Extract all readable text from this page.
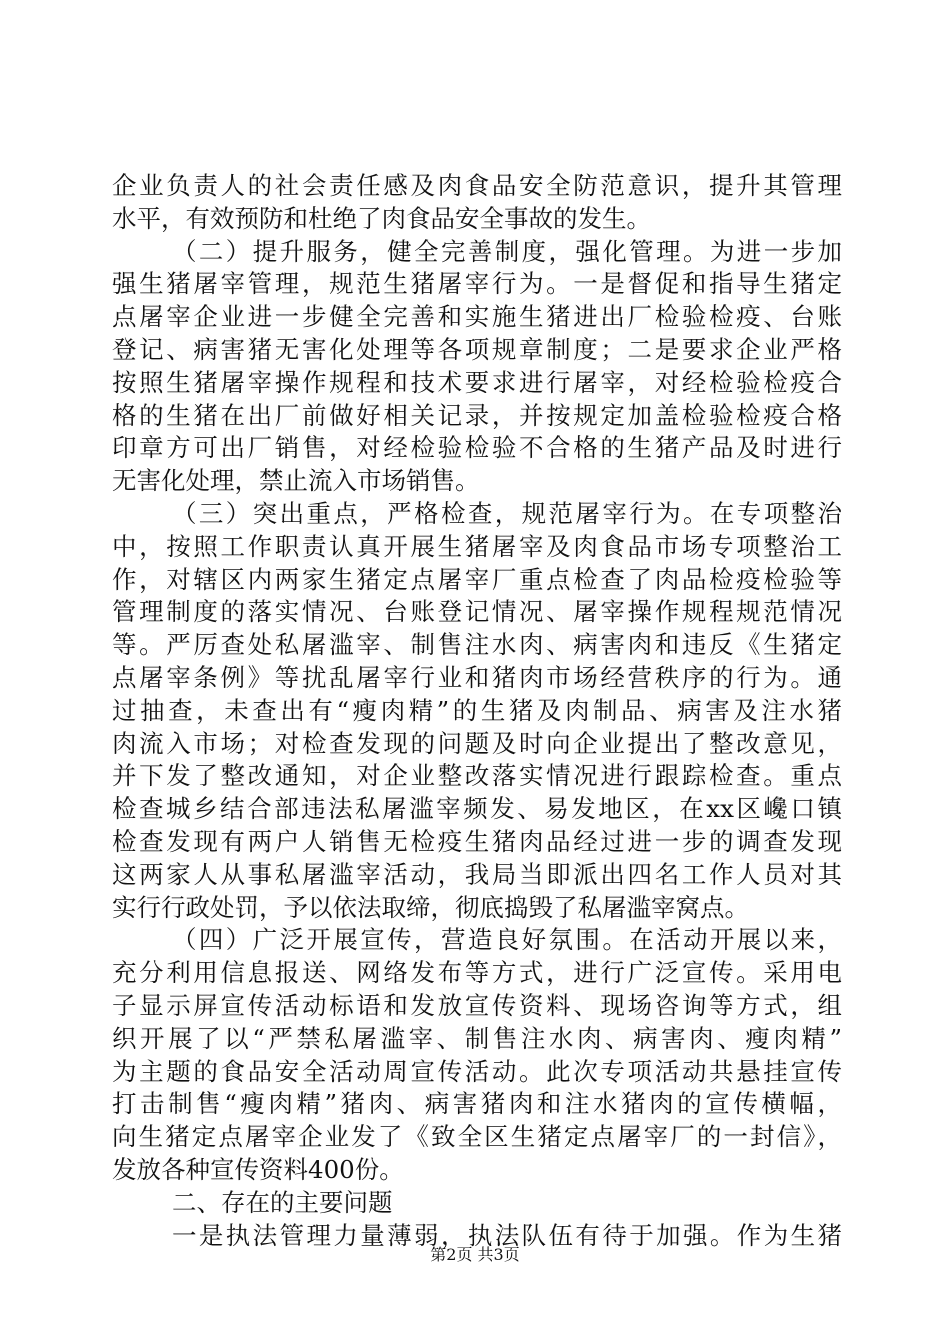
企业负责人的社会责任感及肉食品安全防范意识，提升其管理
水平，有效预防和杜绝了肉食品安全事故的发生。
（二）提升服务，健全完善制度，强化管理。为进一步加
强生猪屠宰管理，规范生猪屠宰行为。一是督促和指导生猪定
点屠宰企业进一步健全完善和实施生猪进出厂检验检疫、台账
登记、病害猪无害化处理等各项规章制度；二是要求企业严格
按照生猪屠宰操作规程和技术要求进行屠宰，对经检验检疫合
格的生猪在出厂前做好相关记录，并按规定加盖检验检疫合格
印章方可出厂销售，对经检验检验不合格的生猪产品及时进行
无害化处理，禁止流入市场销售。
（三）突出重点，严格检查，规范屠宰行为。在专项整治
中，按照工作职责认真开展生猪屠宰及肉食品市场专项整治工
作，对辖区内两家生猪定点屠宰厂重点检查了肉品检疫检验等
管理制度的落实情况、台账登记情况、屠宰操作规程规范情况
等。严厉查处私屠滥宰、制售注水肉、病害肉和违反《生猪定
点屠宰条例》等扰乱屠宰行业和猪肉市场经营秩序的行为。通
过抽查，未查出有“瘦肉精”的生猪及肉制品、病害及注水猪
肉流入市场；对检查发现的问题及时向企业提出了整改意见，
并下发了整改通知，对企业整改落实情况进行跟踪检查。重点
检查城乡结合部违法私屠滥宰频发、易发地区，在xx区巉口镇
检查发现有两户人销售无检疫生猪肉品经过进一步的调查发现
这两家人从事私屠滥宰活动，我局当即派出四名工作人员对其
实行行政处罚，予以依法取缔，彻底捣毁了私屠滥宰窝点。
（四）广泛开展宣传，营造良好氛围。在活动开展以来，
充分利用信息报送、网络发布等方式，进行广泛宣传。采用电
子显示屏宣传活动标语和发放宣传资料、现场咨询等方式，组
织开展了以“严禁私屠滥宰、制售注水肉、病害肉、瘦肉精”
为主题的食品安全活动周宣传活动。此次专项活动共悬挂宣传
打击制售“瘦肉精”猪肉、病害猪肉和注水猪肉的宣传横幅，
向生猪定点屠宰企业发了《致全区生猪定点屠宰厂的一封信》，
发放各种宣传资料400份。
二、存在的主要问题
一是执法管理力量薄弱，执法队伍有待于加强。作为生猪
第2页 共3页
